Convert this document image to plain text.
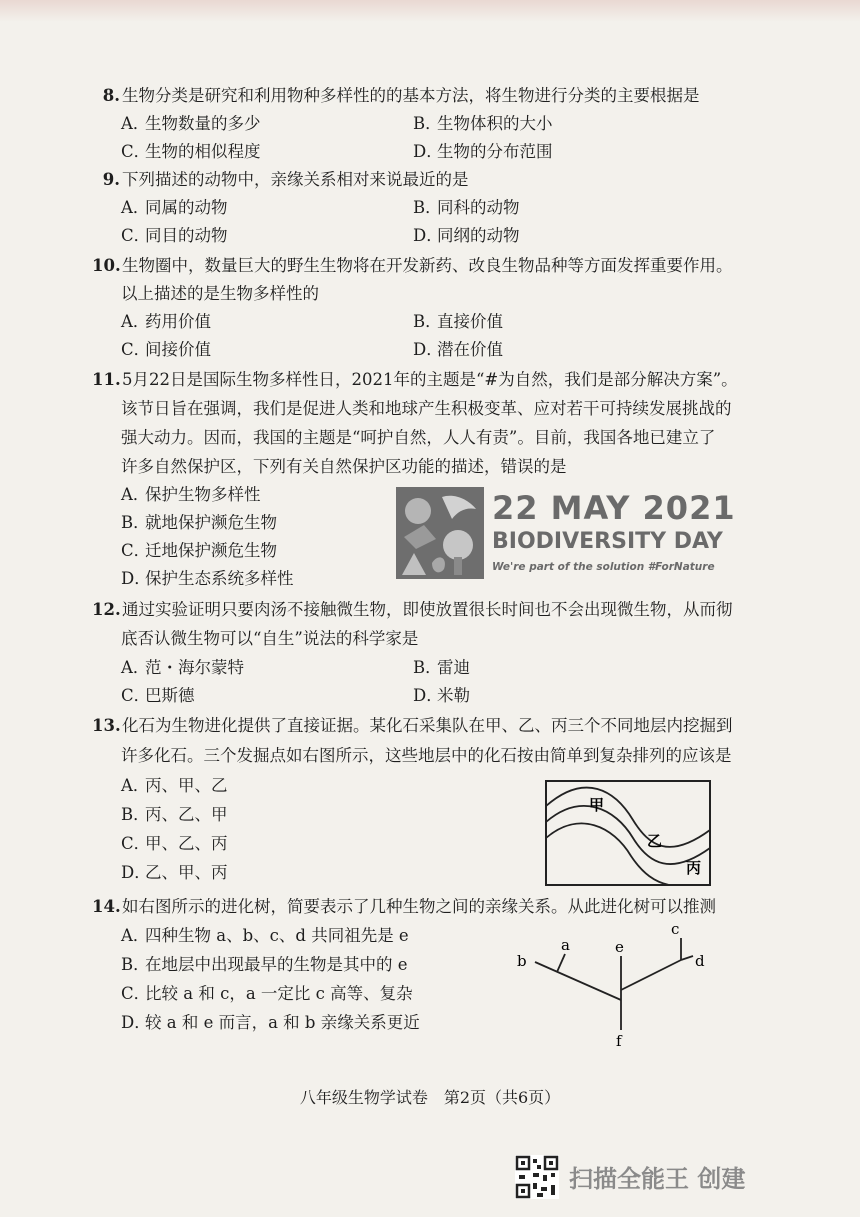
8. 生物分类是研究和利用物种多样性的的基本方法，将生物进行分类的主要根据是
A．生物数量的多少	B．生物体积的大小
C．生物的相似程度	D．生物的分布范围
9. 下列描述的动物中，亲缘关系相对来说最近的是
A．同属的动物	B．同科的动物
C．同目的动物	D．同纲的动物
10.生物圈中，数量巨大的野生生物将在开发新药、改良生物品种等方面发挥重要作用。
以上描述的是生物多样性的
A．药用价值	B．直接价值
C．间接价值	D．潜在价值
11.5月22日是国际生物多样性日，2021年的主题是“#为自然，我们是部分解决方案”。
该节日旨在强调，我们是促进人类和地球产生积极变革、应对若干可持续发展挑战的
强大动力。因而，我国的主题是“呵护自然，人人有责”。目前，我国各地已建立了
许多自然保护区，下列有关自然保护区功能的描述，错误的是
A．保护生物多样性
B．就地保护濒危生物
C．迁地保护濒危生物
D．保护生态系统多样性
22 MAY 2021
BIODIVERSITY DAY
We're part of the solution #ForNature
12.通过实验证明只要肉汤不接触微生物，即使放置很长时间也不会出现微生物，从而彻
底否认微生物可以“自生”说法的科学家是
A．范・海尔蒙特	B．雷迪
C．巴斯德	D．米勒
13.化石为生物进化提供了直接证据。某化石采集队在甲、乙、丙三个不同地层内挖掘到
许多化石。三个发掘点如右图所示，这些地层中的化石按由简单到复杂排列的应该是
A．丙、甲、乙
B．丙、乙、甲
C．甲、乙、丙
D．乙、甲、丙
甲
乙
丙
14.如右图所示的进化树，简要表示了几种生物之间的亲缘关系。从此进化树可以推测
A．四种生物 a、b、c、d 共同祖先是 e
B．在地层中出现最早的生物是其中的 e
C．比较 a 和 c，a 一定比 c 高等、复杂
D．较 a 和 e 而言，a 和 b 亲缘关系更近
a
b
c
d
e
f
八年级生物学试卷　第2页（共6页）
扫描全能王 创建
